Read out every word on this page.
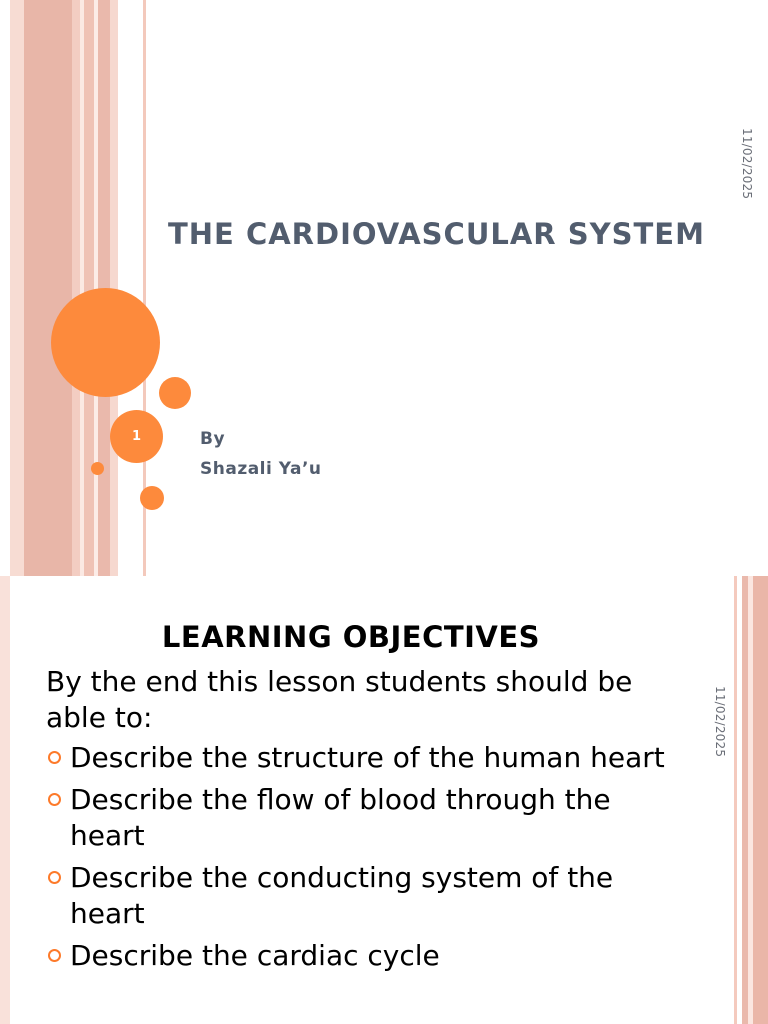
1
11/02/2025
THE CARDIOVASCULAR SYSTEM
By
Shazali Ya’u
11/02/2025
LEARNING OBJECTIVES
By the end this lesson students should be able to:
Describe the structure of the human heart
Describe the flow of blood through the heart
Describe the conducting system of the heart
Describe the cardiac cycle
